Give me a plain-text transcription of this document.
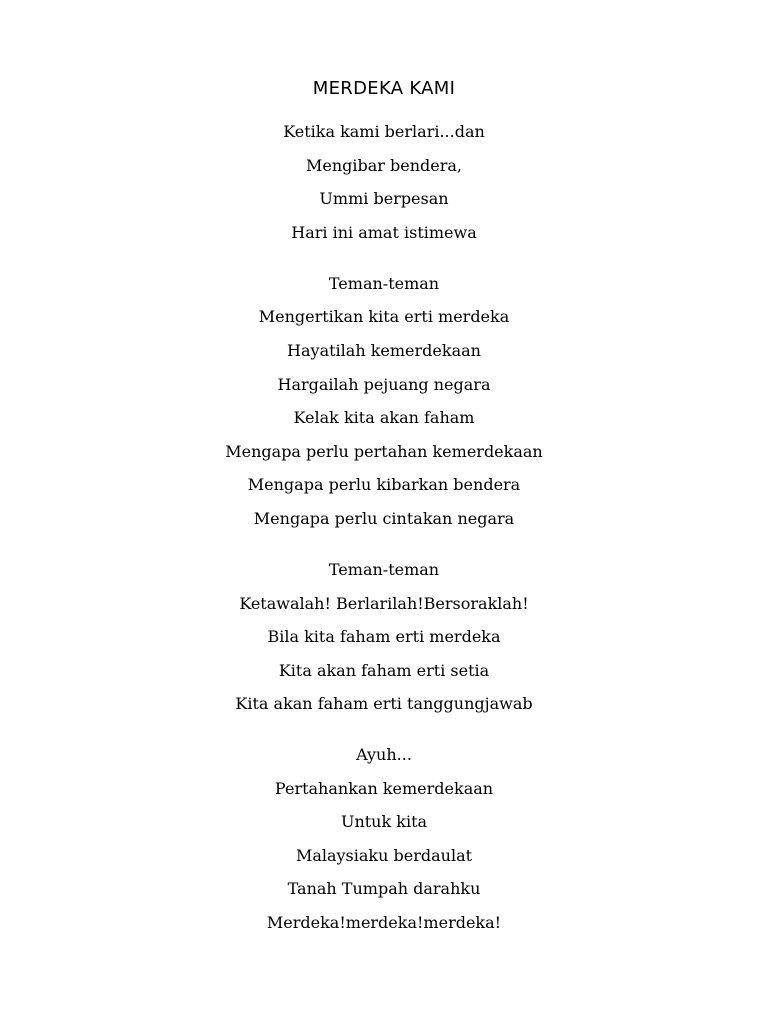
MERDEKA KAMI
Ketika kami berlari...dan
Mengibar bendera,
Ummi berpesan
Hari ini amat istimewa
Teman-teman
Mengertikan kita erti merdeka
Hayatilah kemerdekaan
Hargailah pejuang negara
Kelak kita akan faham
Mengapa perlu pertahan kemerdekaan
Mengapa perlu kibarkan bendera
Mengapa perlu cintakan negara
Teman-teman
Ketawalah! Berlarilah!Bersoraklah!
Bila kita faham erti merdeka
Kita akan faham erti setia
Kita akan faham erti tanggungjawab
Ayuh...
Pertahankan kemerdekaan
Untuk kita
Malaysiaku berdaulat
Tanah Tumpah darahku
Merdeka!merdeka!merdeka!
